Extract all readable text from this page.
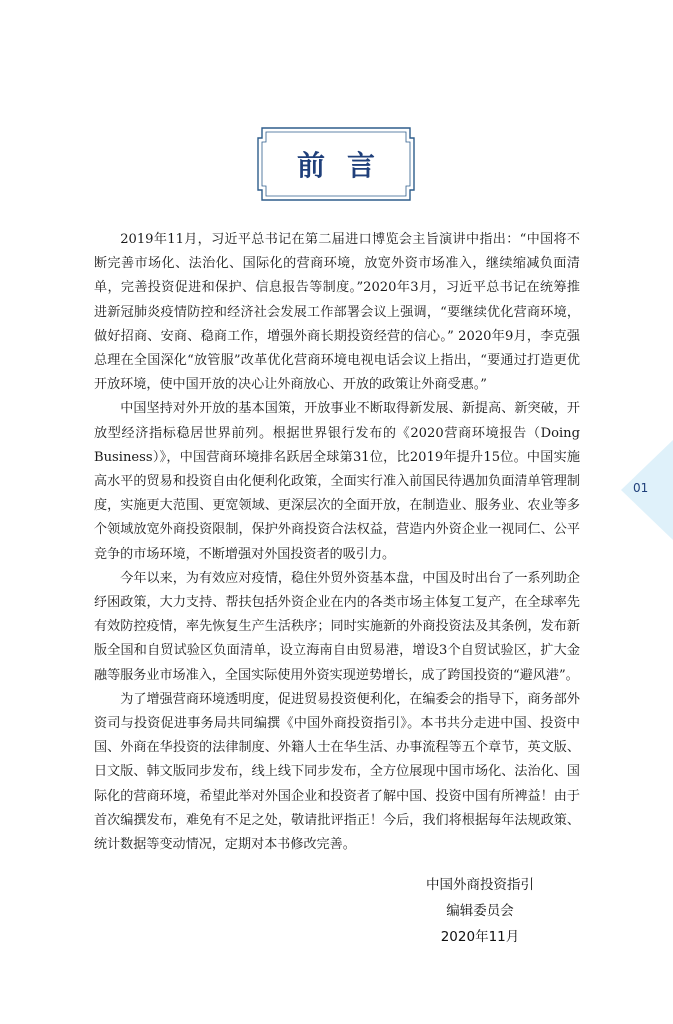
前言

2019年11月，习近平总书记在第二届进口博览会主旨演讲中指出：“中国将不断完善市场化、法治化、国际化的营商环境，放宽外资市场准入，继续缩减负面清单，完善投资促进和保护、信息报告等制度。”2020年3月，习近平总书记在统筹推进新冠肺炎疫情防控和经济社会发展工作部署会议上强调，“要继续优化营商环境，做好招商、安商、稳商工作，增强外商长期投资经营的信心。” 2020年9月，李克强总理在全国深化“放管服”改革优化营商环境电视电话会议上指出，“要通过打造更优开放环境，使中国开放的决心让外商放心、开放的政策让外商受惠。”

中国坚持对外开放的基本国策，开放事业不断取得新发展、新提高、新突破，开放型经济指标稳居世界前列。根据世界银行发布的《2020营商环境报告（Doing Business）》，中国营商环境排名跃居全球第31位，比2019年提升15位。中国实施高水平的贸易和投资自由化便利化政策，全面实行准入前国民待遇加负面清单管理制度，实施更大范围、更宽领域、更深层次的全面开放，在制造业、服务业、农业等多个领域放宽外商投资限制，保护外商投资合法权益，营造内外资企业一视同仁、公平竞争的市场环境，不断增强对外国投资者的吸引力。

今年以来，为有效应对疫情，稳住外贸外资基本盘，中国及时出台了一系列助企纾困政策，大力支持、帮扶包括外资企业在内的各类市场主体复工复产，在全球率先有效防控疫情，率先恢复生产生活秩序；同时实施新的外商投资法及其条例，发布新版全国和自贸试验区负面清单，设立海南自由贸易港，增设3个自贸试验区，扩大金融等服务业市场准入，全国实际使用外资实现逆势增长，成了跨国投资的“避风港”。

为了增强营商环境透明度，促进贸易投资便利化，在编委会的指导下，商务部外资司与投资促进事务局共同编撰《中国外商投资指引》。本书共分走进中国、投资中国、外商在华投资的法律制度、外籍人士在华生活、办事流程等五个章节，英文版、日文版、韩文版同步发布，线上线下同步发布，全方位展现中国市场化、法治化、国际化的营商环境，希望此举对外国企业和投资者了解中国、投资中国有所裨益！由于首次编撰发布，难免有不足之处，敬请批评指正！今后，我们将根据每年法规政策、统计数据等变动情况，定期对本书修改完善。

中国外商投资指引
编辑委员会
2020年11月
01
